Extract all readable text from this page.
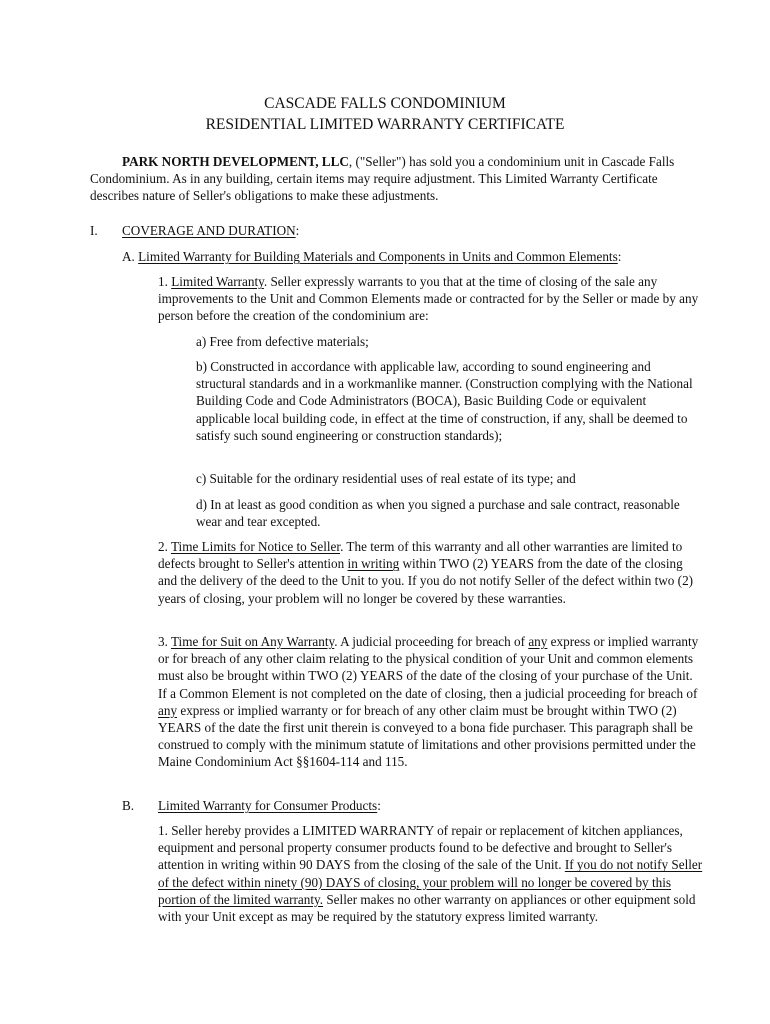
CASCADE FALLS CONDOMINIUM
RESIDENTIAL LIMITED WARRANTY CERTIFICATE

PARK NORTH DEVELOPMENT, LLC, ("Seller") has sold you a condominium unit in Cascade Falls Condominium. As in any building, certain items may require adjustment. This Limited Warranty Certificate describes nature of Seller's obligations to make these adjustments.

I. COVERAGE AND DURATION:

A. Limited Warranty for Building Materials and Components in Units and Common Elements:

1. Limited Warranty. Seller expressly warrants to you that at the time of closing of the sale any improvements to the Unit and Common Elements made or contracted for by the Seller or made by any person before the creation of the condominium are:

a) Free from defective materials;

b) Constructed in accordance with applicable law, according to sound engineering and structural standards and in a workmanlike manner. (Construction complying with the National Building Code and Code Administrators (BOCA), Basic Building Code or equivalent applicable local building code, in effect at the time of construction, if any, shall be deemed to satisfy such sound engineering or construction standards);

c) Suitable for the ordinary residential uses of real estate of its type; and

d) In at least as good condition as when you signed a purchase and sale contract, reasonable wear and tear excepted.

2. Time Limits for Notice to Seller. The term of this warranty and all other warranties are limited to defects brought to Seller's attention in writing within TWO (2) YEARS from the date of the closing and the delivery of the deed to the Unit to you. If you do not notify Seller of the defect within two (2) years of closing, your problem will no longer be covered by these warranties.

3. Time for Suit on Any Warranty. A judicial proceeding for breach of any express or implied warranty or for breach of any other claim relating to the physical condition of your Unit and common elements must also be brought within TWO (2) YEARS of the date of the closing of your purchase of the Unit. If a Common Element is not completed on the date of closing, then a judicial proceeding for breach of any express or implied warranty or for breach of any other claim must be brought within TWO (2) YEARS of the date the first unit therein is conveyed to a bona fide purchaser. This paragraph shall be construed to comply with the minimum statute of limitations and other provisions permitted under the Maine Condominium Act §§1604-114 and 115.

B. Limited Warranty for Consumer Products:

1. Seller hereby provides a LIMITED WARRANTY of repair or replacement of kitchen appliances, equipment and personal property consumer products found to be defective and brought to Seller's attention in writing within 90 DAYS from the closing of the sale of the Unit. If you do not notify Seller of the defect within ninety (90) DAYS of closing, your problem will no longer be covered by this portion of the limited warranty. Seller makes no other warranty on appliances or other equipment sold with your Unit except as may be required by the statutory express limited warranty.
